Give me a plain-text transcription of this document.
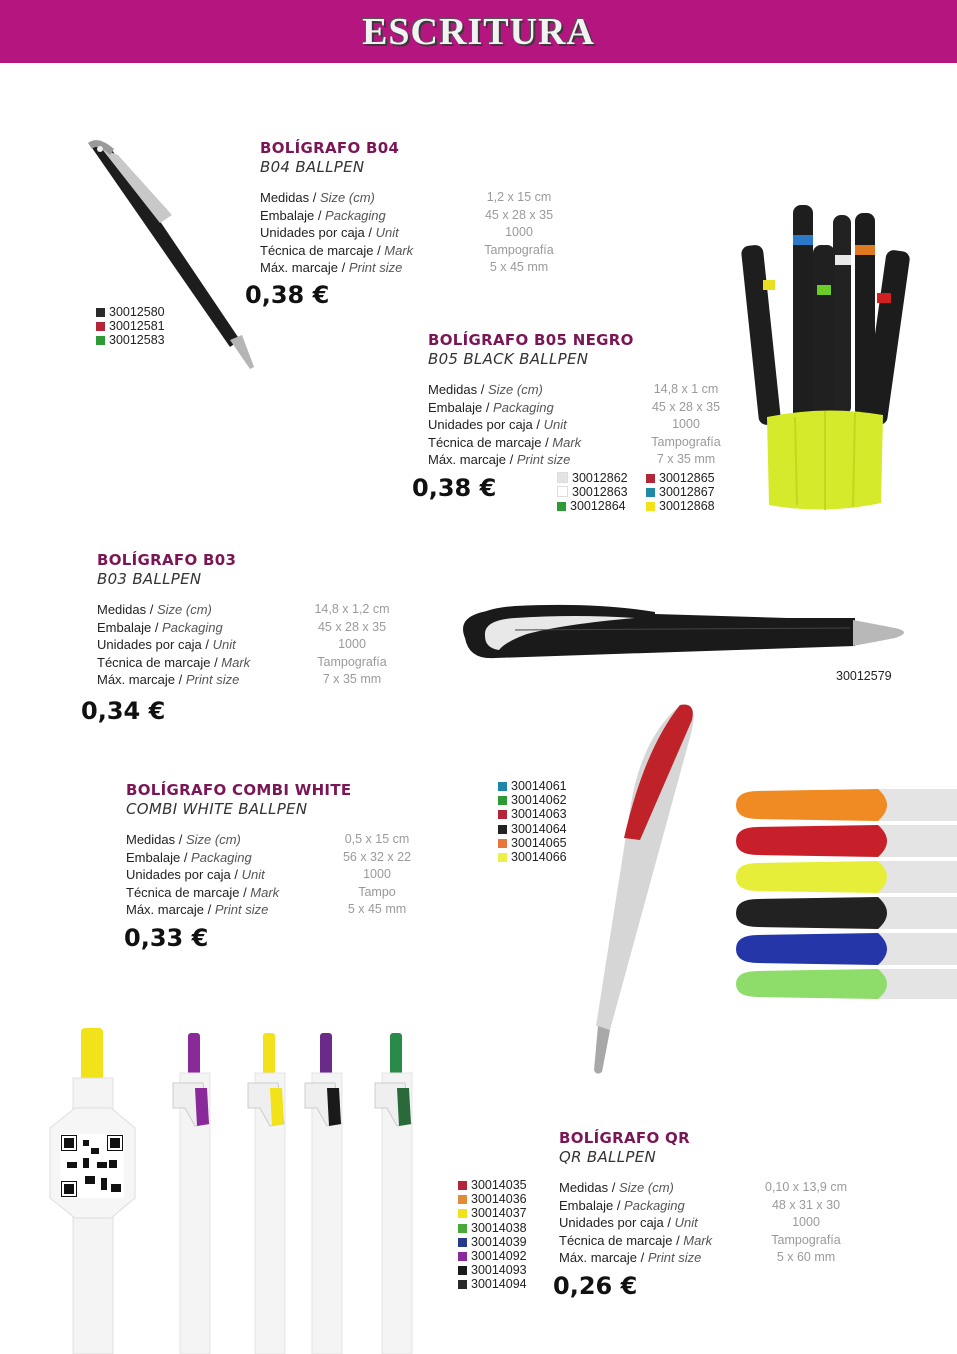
ESCRITURA
BOLÍGRAFO B04
B04 BALLPEN
Medidas / Size (cm)	1,2 x 15 cm
Embalaje / Packaging	45 x 28 x 35
Unidades por caja / Unit	1000
Técnica de marcaje / Mark	Tampografía
Máx. marcaje / Print size	5 x 45 mm
0,38 €
30012580
30012581
30012583	BOLÍGRAFO B05 NEGRO
B05 BLACK BALLPEN
Medidas / Size (cm)	14,8 x 1 cm
Embalaje / Packaging	45 x 28 x 35
Unidades por caja / Unit	1000
Técnica de marcaje / Mark	Tampografía
Máx. marcaje / Print size	7 x 35 mm
0,38 €	30012862
30012863
30012864
30012865
30012867
30012868
BOLÍGRAFO B03
B03 BALLPEN
Medidas / Size (cm)	14,8 x 1,2 cm
Embalaje / Packaging	45 x 28 x 35
Unidades por caja / Unit	1000
Técnica de marcaje / Mark	Tampografía
Máx. marcaje / Print size	7 x 35 mm
0,34 €
30012579
BOLÍGRAFO COMBI WHITE
COMBI WHITE BALLPEN
Medidas / Size (cm)	0,5 x 15 cm
Embalaje / Packaging	56 x 32 x 22
Unidades por caja / Unit	1000
Técnica de marcaje / Mark	Tampo
Máx. marcaje / Print size	5 x 45 mm
0,33 €
30014061
30014062
30014063
30014064
30014065
30014066
30014035
30014036
30014037
30014038
30014039
30014092
30014093
30014094
BOLÍGRAFO QR
QR BALLPEN
Medidas / Size (cm)	0,10 x 13,9 cm
Embalaje / Packaging	48 x 31 x 30
Unidades por caja / Unit	1000
Técnica de marcaje / Mark	Tampografía
Máx. marcaje / Print size	5 x 60 mm
0,26 €
